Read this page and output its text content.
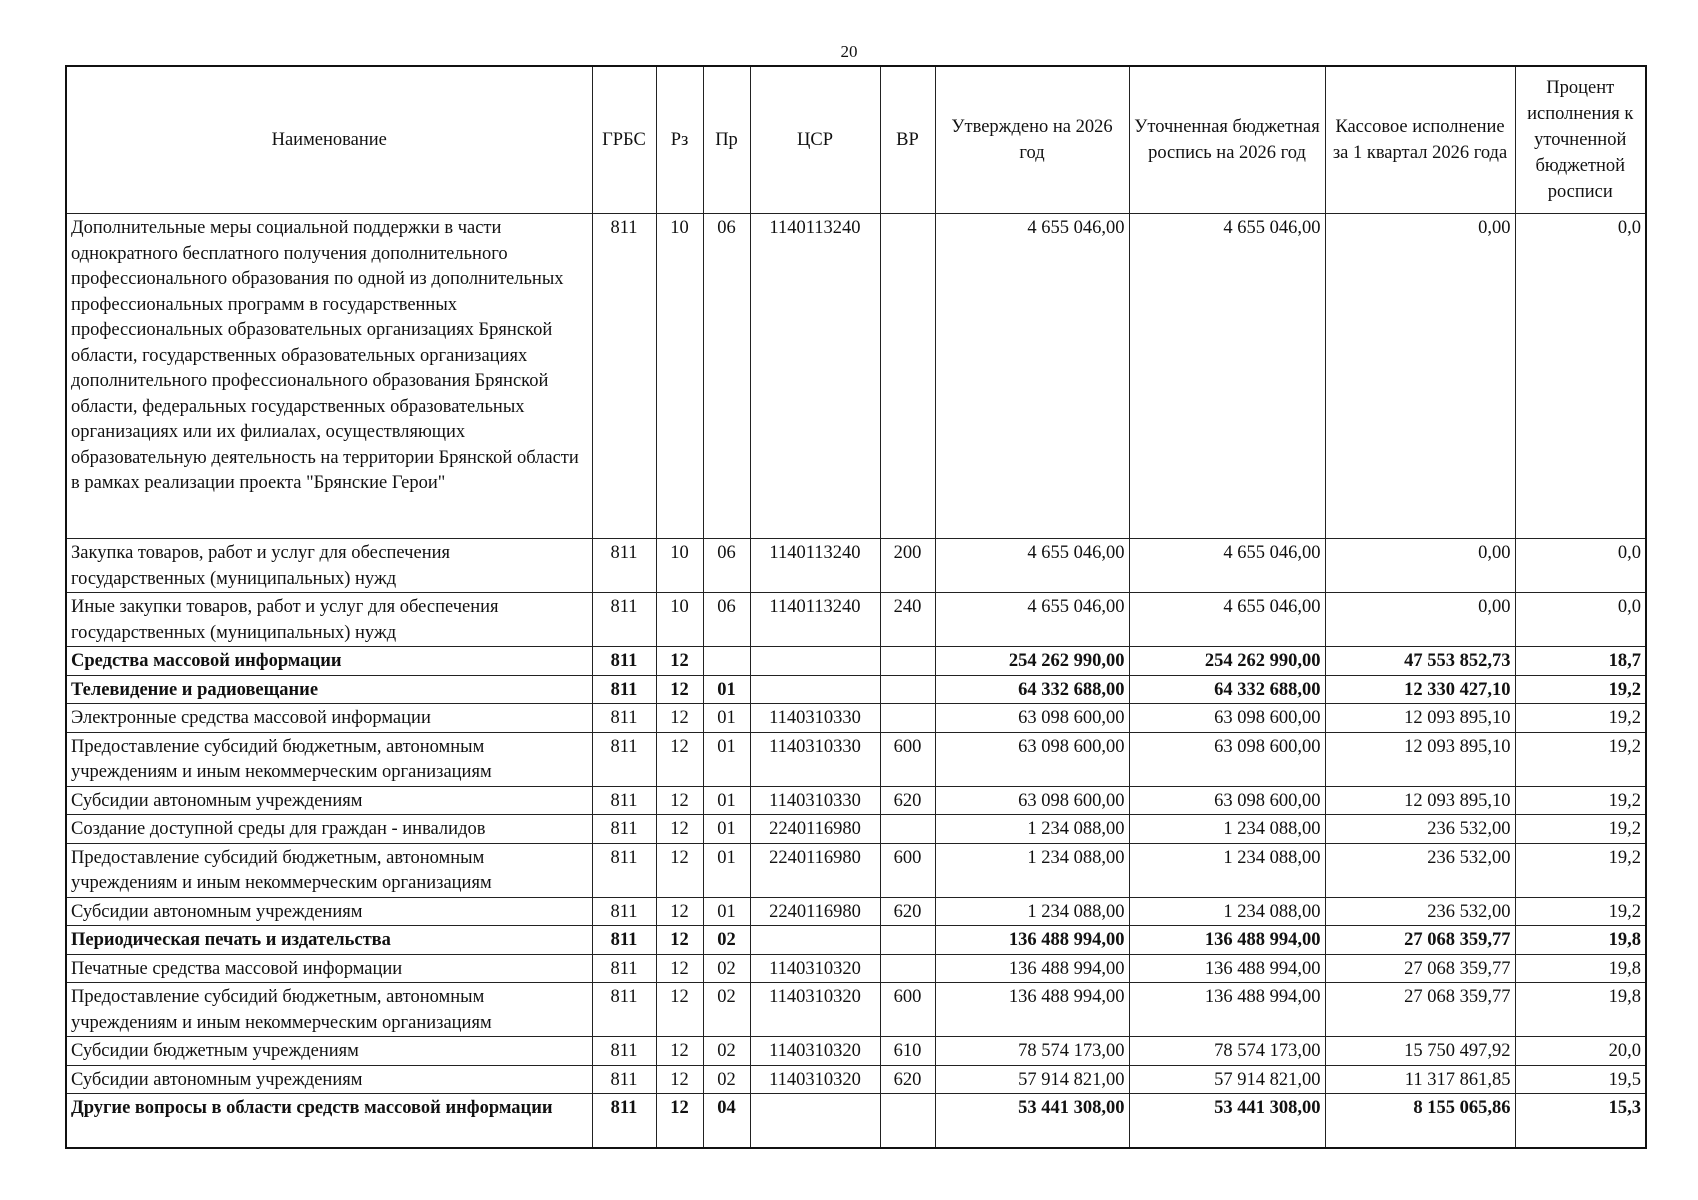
20
Наименование	ГРБС	Рз	Пр	ЦСР	ВР	Утверждено на 2026 год	Уточненная бюджетная роспись на 2026 год	Кассовое исполнение за 1 квартал 2026 года	Процент исполнения к уточненной бюджетной росписи
Дополнительные меры социальной поддержки в части однократного бесплатного получения дополнительного профессионального образования по одной из дополнительных профессиональных программ в государственных профессиональных образовательных организациях Брянской области, государственных образовательных организациях дополнительного профессионального образования Брянской области, федеральных государственных образовательных организациях или их филиалах, осуществляющих образовательную деятельность на территории Брянской области в рамках реализации проекта "Брянские Герои"	811	10	06	1140113240		4 655 046,00	4 655 046,00	0,00	0,0
Закупка товаров, работ и услуг для обеспечения государственных (муниципальных) нужд	811	10	06	1140113240	200	4 655 046,00	4 655 046,00	0,00	0,0
Иные закупки товаров, работ и услуг для обеспечения государственных (муниципальных) нужд	811	10	06	1140113240	240	4 655 046,00	4 655 046,00	0,00	0,0
Средства массовой информации	811	12				254 262 990,00	254 262 990,00	47 553 852,73	18,7
Телевидение и радиовещание	811	12	01			64 332 688,00	64 332 688,00	12 330 427,10	19,2
Электронные средства массовой информации	811	12	01	1140310330		63 098 600,00	63 098 600,00	12 093 895,10	19,2
Предоставление субсидий бюджетным, автономным учреждениям и иным некоммерческим организациям	811	12	01	1140310330	600	63 098 600,00	63 098 600,00	12 093 895,10	19,2
Субсидии автономным учреждениям	811	12	01	1140310330	620	63 098 600,00	63 098 600,00	12 093 895,10	19,2
Создание доступной среды для граждан - инвалидов	811	12	01	2240116980		1 234 088,00	1 234 088,00	236 532,00	19,2
Предоставление субсидий бюджетным, автономным учреждениям и иным некоммерческим организациям	811	12	01	2240116980	600	1 234 088,00	1 234 088,00	236 532,00	19,2
Субсидии автономным учреждениям	811	12	01	2240116980	620	1 234 088,00	1 234 088,00	236 532,00	19,2
Периодическая печать и издательства	811	12	02			136 488 994,00	136 488 994,00	27 068 359,77	19,8
Печатные средства массовой информации	811	12	02	1140310320		136 488 994,00	136 488 994,00	27 068 359,77	19,8
Предоставление субсидий бюджетным, автономным учреждениям и иным некоммерческим организациям	811	12	02	1140310320	600	136 488 994,00	136 488 994,00	27 068 359,77	19,8
Субсидии бюджетным учреждениям	811	12	02	1140310320	610	78 574 173,00	78 574 173,00	15 750 497,92	20,0
Субсидии автономным учреждениям	811	12	02	1140310320	620	57 914 821,00	57 914 821,00	11 317 861,85	19,5
Другие вопросы в области средств массовой информации	811	12	04			53 441 308,00	53 441 308,00	8 155 065,86	15,3
